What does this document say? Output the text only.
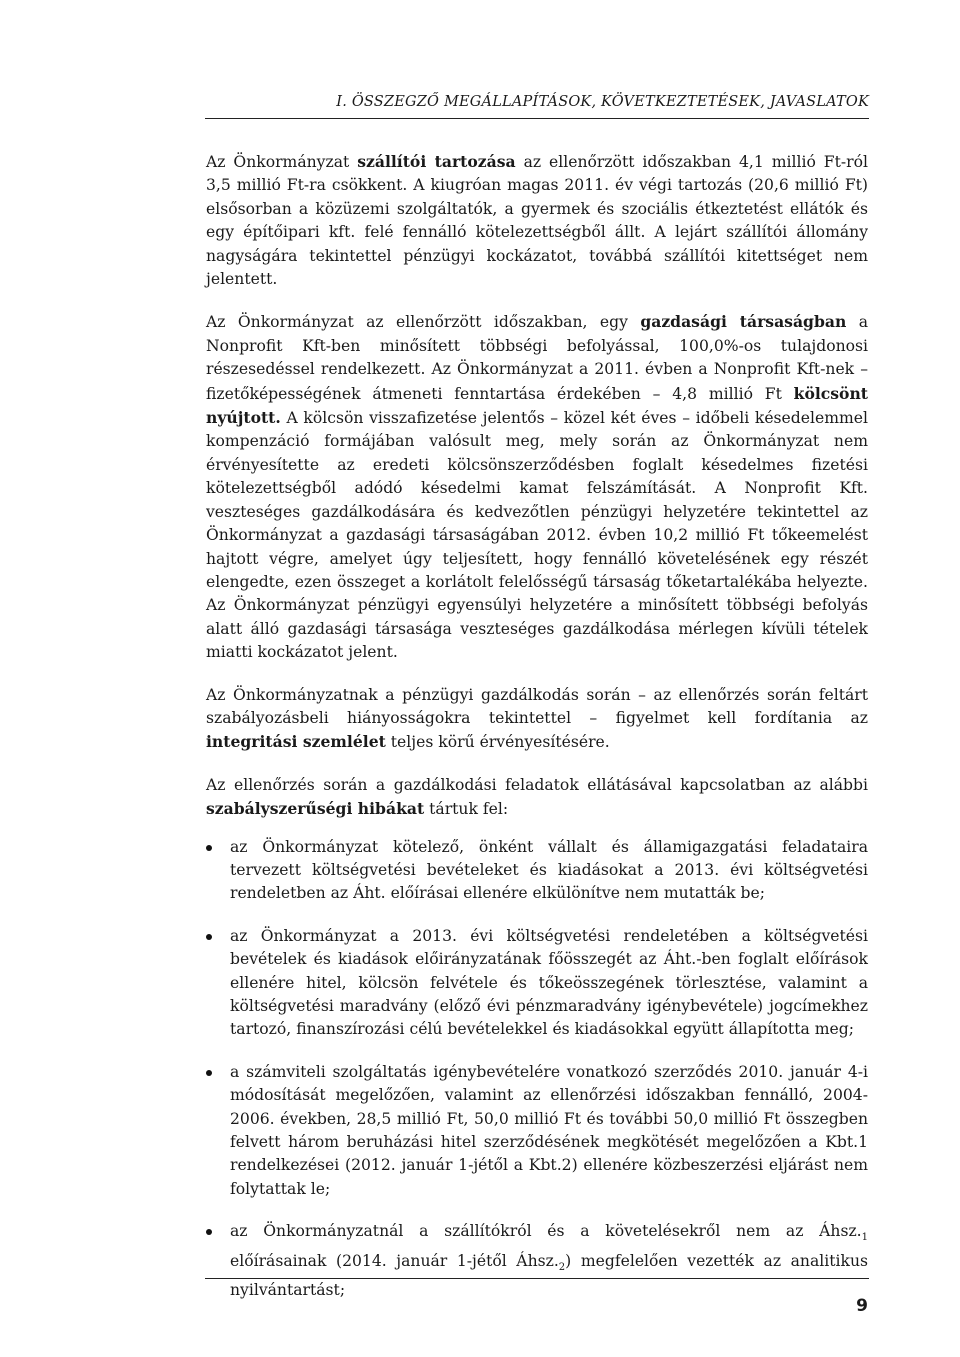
I. ÖSSZEGZŐ MEGÁLLAPÍTÁSOK, KÖVETKEZTETÉSEK, JAVASLATOK

Az Önkormányzat szállítói tartozása az ellenőrzött időszakban 4,1 millió Ft-ról 3,5 millió Ft-ra csökkent. A kiugróan magas 2011. év végi tartozás (20,6 millió Ft) elsősorban a közüzemi szolgáltatók, a gyermek és szociális étkeztetést ellátók és egy építőipari kft. felé fennálló kötelezettségből állt. A lejárt szállítói állomány nagyságára tekintettel pénzügyi kockázatot, továbbá szállítói kitettséget nem jelentett.

Az Önkormányzat az ellenőrzött időszakban, egy gazdasági társaságban a Nonprofit Kft-ben minősített többségi befolyással, 100,0%-os tulajdonosi részesedéssel rendelkezett. Az Önkormányzat a 2011. évben a Nonprofit Kft-nek – fizetőképességének átmeneti fenntartása érdekében – 4,8 millió Ft kölcsönt nyújtott. A kölcsön visszafizetése jelentős – közel két éves – időbeli késedelemmel kompenzáció formájában valósult meg, mely során az Önkormányzat nem érvényesítette az eredeti kölcsönszerződésben foglalt késedelmes fizetési kötelezettségből adódó késedelmi kamat felszámítását. A Nonprofit Kft. veszteséges gazdálkodására és kedvezőtlen pénzügyi helyzetére tekintettel az Önkormányzat a gazdasági társaságában 2012. évben 10,2 millió Ft tőkeemelést hajtott végre, amelyet úgy teljesített, hogy fennálló követelésének egy részét elengedte, ezen összeget a korlátolt felelősségű társaság tőketartalékába helyezte. Az Önkormányzat pénzügyi egyensúlyi helyzetére a minősített többségi befolyás alatt álló gazdasági társasága veszteséges gazdálkodása mérlegen kívüli tételek miatti kockázatot jelent.

Az Önkormányzatnak a pénzügyi gazdálkodás során – az ellenőrzés során feltárt szabályozásbeli hiányosságokra tekintettel – figyelmet kell fordítania az integritási szemlélet teljes körű érvényesítésére.

Az ellenőrzés során a gazdálkodási feladatok ellátásával kapcsolatban az alábbi szabályszerűségi hibákat tártuk fel:

az Önkormányzat kötelező, önként vállalt és államigazgatási feladataira tervezett költségvetési bevételeket és kiadásokat a 2013. évi költségvetési rendeletben az Áht. előírásai ellenére elkülönítve nem mutatták be;
az Önkormányzat a 2013. évi költségvetési rendeletében a költségvetési bevételek és kiadások előirányzatának főösszegét az Áht.-ben foglalt előírások ellenére hitel, kölcsön felvétele és tőkeösszegének törlesztése, valamint a költségvetési maradvány (előző évi pénzmaradvány igénybevétele) jogcímekhez tartozó, finanszírozási célú bevételekkel és kiadásokkal együtt állapította meg;
a számviteli szolgáltatás igénybevételére vonatkozó szerződés 2010. január 4-i módosítását megelőzően, valamint az ellenőrzési időszakban fennálló, 2004-2006. években, 28,5 millió Ft, 50,0 millió Ft és további 50,0 millió Ft összegben felvett három beruházási hitel szerződésének megkötését megelőzően a Kbt.1 rendelkezései (2012. január 1-jétől a Kbt.2) ellenére közbeszerzési eljárást nem folytattak le;
az Önkormányzatnál a szállítókról és a követelésekről nem az $Áhsz._1$ előírásainak (2014. január 1-jétől $Áhsz._2$) megfelelően vezették az analitikus nyilvántartást;
9
